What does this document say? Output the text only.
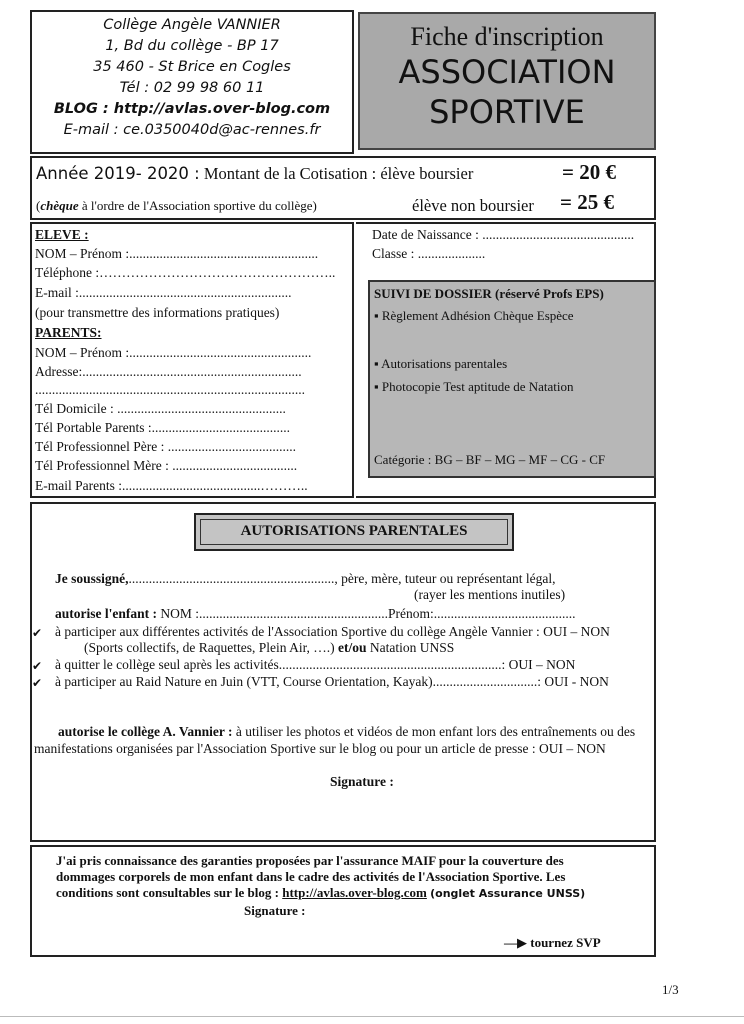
Collège Angèle VANNIER
1, Bd du collège - BP 17
35 460 - St Brice en Cogles
Tél : 02 99 98 60 11
BLOG : http://avlas.over-blog.com
E-mail : ce.0350040d@ac-rennes.fr
Fiche d'inscription
ASSOCIATION
SPORTIVE
Année 2019- 2020 : Montant de la Cotisation : élève boursier	= 20 €
(chèque à l'ordre de l'Association sportive du collège)	élève non boursier = 25 €
ELEVE :
NOM – Prénom :........................................................
Téléphone :……………………………………………..
E-mail :...............................................................
(pour transmettre des informations pratiques)
PARENTS:
NOM – Prénom :......................................................
Adresse:.................................................................
................................................................................
Tél Domicile : ..................................................
Tél Portable Parents :.........................................
Tél Professionnel Père : ......................................
Tél Professionnel Mère : .....................................
E-mail Parents :.........................................………..
Date de Naissance : .............................................
Classe : ....................
SUIVI DE DOSSIER (réservé Profs EPS)
▪ Règlement Adhésion Chèque Espèce
▪ Autorisations parentales
▪ Photocopie Test aptitude de Natation
Catégorie : BG – BF – MG – MF – CG - CF
AUTORISATIONS PARENTALES
Je soussigné,............................................................., père, mère, tuteur ou représentant légal,
(rayer les mentions inutiles)
autorise l'enfant : NOM :........................................................Prénom:..........................................
✔ à participer aux différentes activités de l'Association Sportive du collège Angèle Vannier : OUI – NON
(Sports collectifs, de Raquettes, Plein Air, ….) et/ou Natation UNSS
✔ à quitter le collège seul après les activités..................................................................: OUI – NON
✔ à participer au Raid Nature en Juin (VTT, Course Orientation, Kayak)...............................: OUI - NON
autorise le collège A. Vannier : à utiliser les photos et vidéos de mon enfant lors des entraînements ou des
manifestations organisées par l'Association Sportive sur le blog ou pour un article de presse : OUI – NON
Signature :
J'ai pris connaissance des garanties proposées par l'assurance MAIF pour la couverture des
dommages corporels de mon enfant dans le cadre des activités de l'Association Sportive. Les
conditions sont consultables sur le blog : http://avlas.over-blog.com (onglet Assurance UNSS)
Signature :
―▶ tournez SVP
1/3
